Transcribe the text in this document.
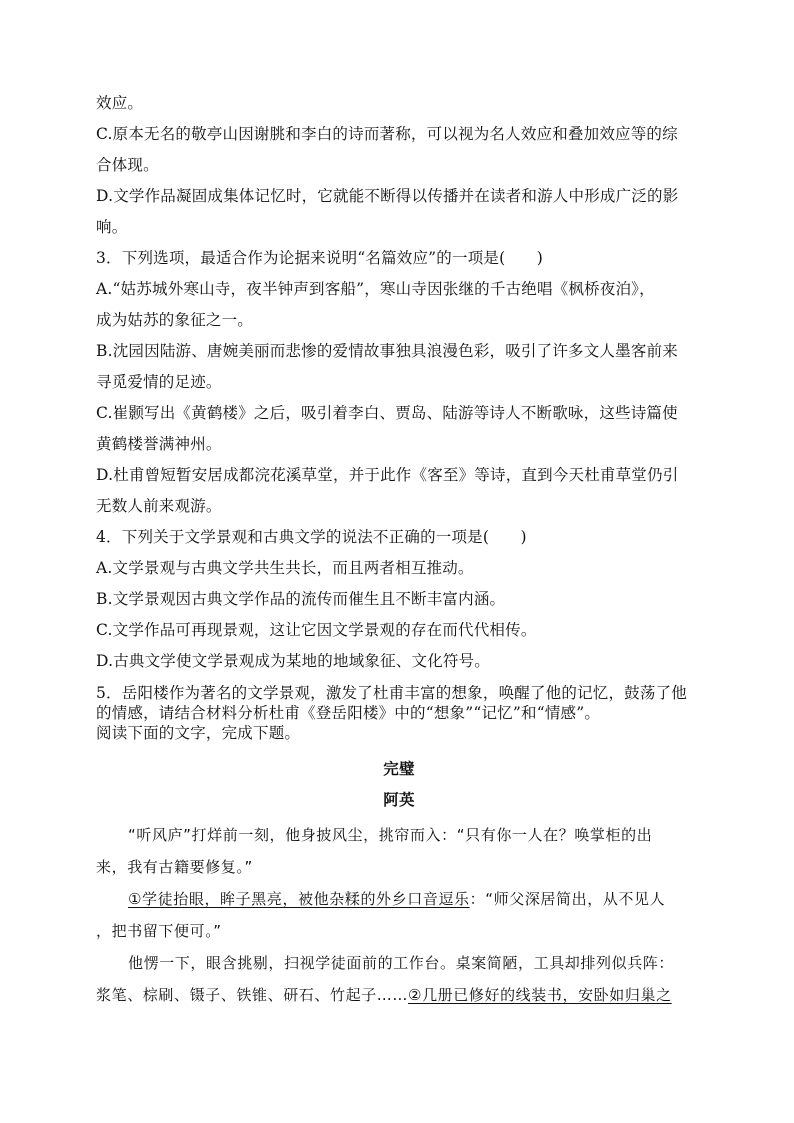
效应。
C.原本无名的敬亭山因谢朓和李白的诗而著称，可以视为名人效应和叠加效应等的综
合体现。
D.文学作品凝固成集体记忆时，它就能不断得以传播并在读者和游人中形成广泛的影
响。
3．下列选项，最适合作为论据来说明“名篇效应”的一项是(　　)
A.“姑苏城外寒山寺，夜半钟声到客船”，寒山寺因张继的千古绝唱《枫桥夜泊》，
成为姑苏的象征之一。
B.沈园因陆游、唐婉美丽而悲惨的爱情故事独具浪漫色彩，吸引了许多文人墨客前来
寻觅爱情的足迹。
C.崔颢写出《黄鹤楼》之后，吸引着李白、贾岛、陆游等诗人不断歌咏，这些诗篇使
黄鹤楼誉满神州。
D.杜甫曾短暂安居成都浣花溪草堂，并于此作《客至》等诗，直到今天杜甫草堂仍引
无数人前来观游。
4．下列关于文学景观和古典文学的说法不正确的一项是(　　)
A.文学景观与古典文学共生共长，而且两者相互推动。
B.文学景观因古典文学作品的流传而催生且不断丰富内涵。
C.文学作品可再现景观，这让它因文学景观的存在而代代相传。
D.古典文学使文学景观成为某地的地域象征、文化符号。
5．岳阳楼作为著名的文学景观，激发了杜甫丰富的想象，唤醒了他的记忆，鼓荡了他
的情感，请结合材料分析杜甫《登岳阳楼》中的“想象”“记忆”和“情感”。
阅读下面的文字，完成下题。
完璧
阿英
“听风庐”打烊前一刻，他身披风尘，挑帘而入：“只有你一人在？唤掌柜的出
来，我有古籍要修复。”
①学徒抬眼，眸子黑亮，被他杂糅的外乡口音逗乐：“师父深居简出，从不见人
，把书留下便可。”
他愣一下，眼含挑剔，扫视学徒面前的工作台。桌案简陋，工具却排列似兵阵：
浆笔、棕刷、镊子、铁锥、研石、竹起子……②几册已修好的线装书，安卧如归巢之
